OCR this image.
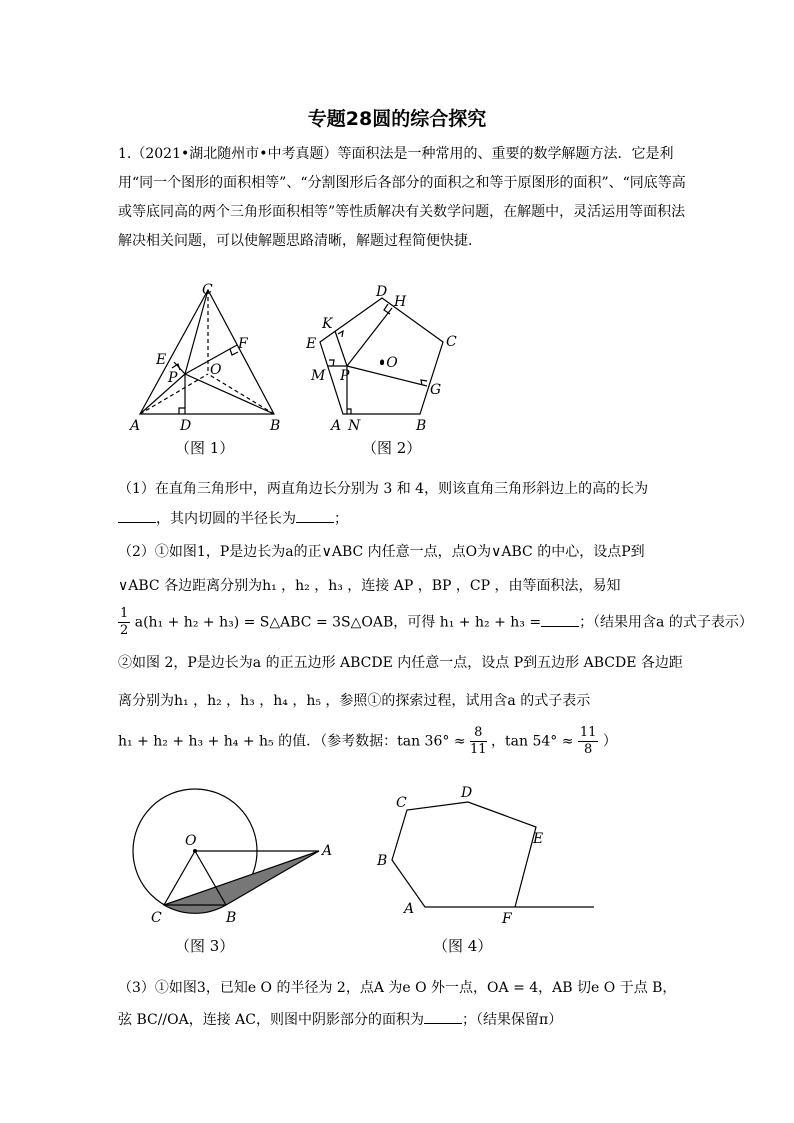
专题28圆的综合探究
1.（2021•湖北随州市•中考真题）等面积法是一种常用的、重要的数学解题方法．它是利用“同一个图形的面积相等”、“分割图形后各部分的面积之和等于原图形的面积”、“同底等高或等底同高的两个三角形面积相等”等性质解决有关数学问题，在解题中，灵活运用等面积法解决相关问题，可以使解题思路清晰，解题过程简便快捷．
C
E
F
P O
A	D	B
（图 1）
D
H
K
C
E
•O
M P
G
A N	B
（图 2）
（1）在直角三角形中，两直角边长分别为 3 和 4，则该直角三角形斜边上的高的长为
，其内切圆的半径长为	；
（2）①如图1，P是边长为a的正∨ABC 内任意一点，点O为∨ABC 的中心，设点P到
∨ABC 各边距离分别为h₁ ，h₂ ，h₃ ，连接 AP ，BP ，CP ，由等面积法，易知
$\frac{1}{2} a(h_1 + h_2 + h_3)$ = S△ABC = 3S△OAB，可得 h₁ + h₂ + h₃ =	；（结果用含a 的式子表示）
②如图 2，P是边长为a 的正五边形 ABCDE 内任意一点，设点 P到五边形 ABCDE 各边距
离分别为h₁ ，h₂ ，h₃ ，h₄ ，h₅ ，参照①的探索过程，试用含a 的式子表示
h₁ + h₂ + h₃ + h₄ + h₅ 的值．（参考数据：$\tan 36^\circ \approx \frac{8}{11}$ ，$\tan 54^\circ \approx \frac{11}{8}$ ）
O
A
C	B
（图 3）
C
D
E
B
A
F
（图 4）
（3）①如图3，已知e O 的半径为 2，点A 为e O 外一点，OA = 4，AB 切e O 于点 B，
弦 BC//OA，连接 AC，则图中阴影部分的面积为	；（结果保留π）
